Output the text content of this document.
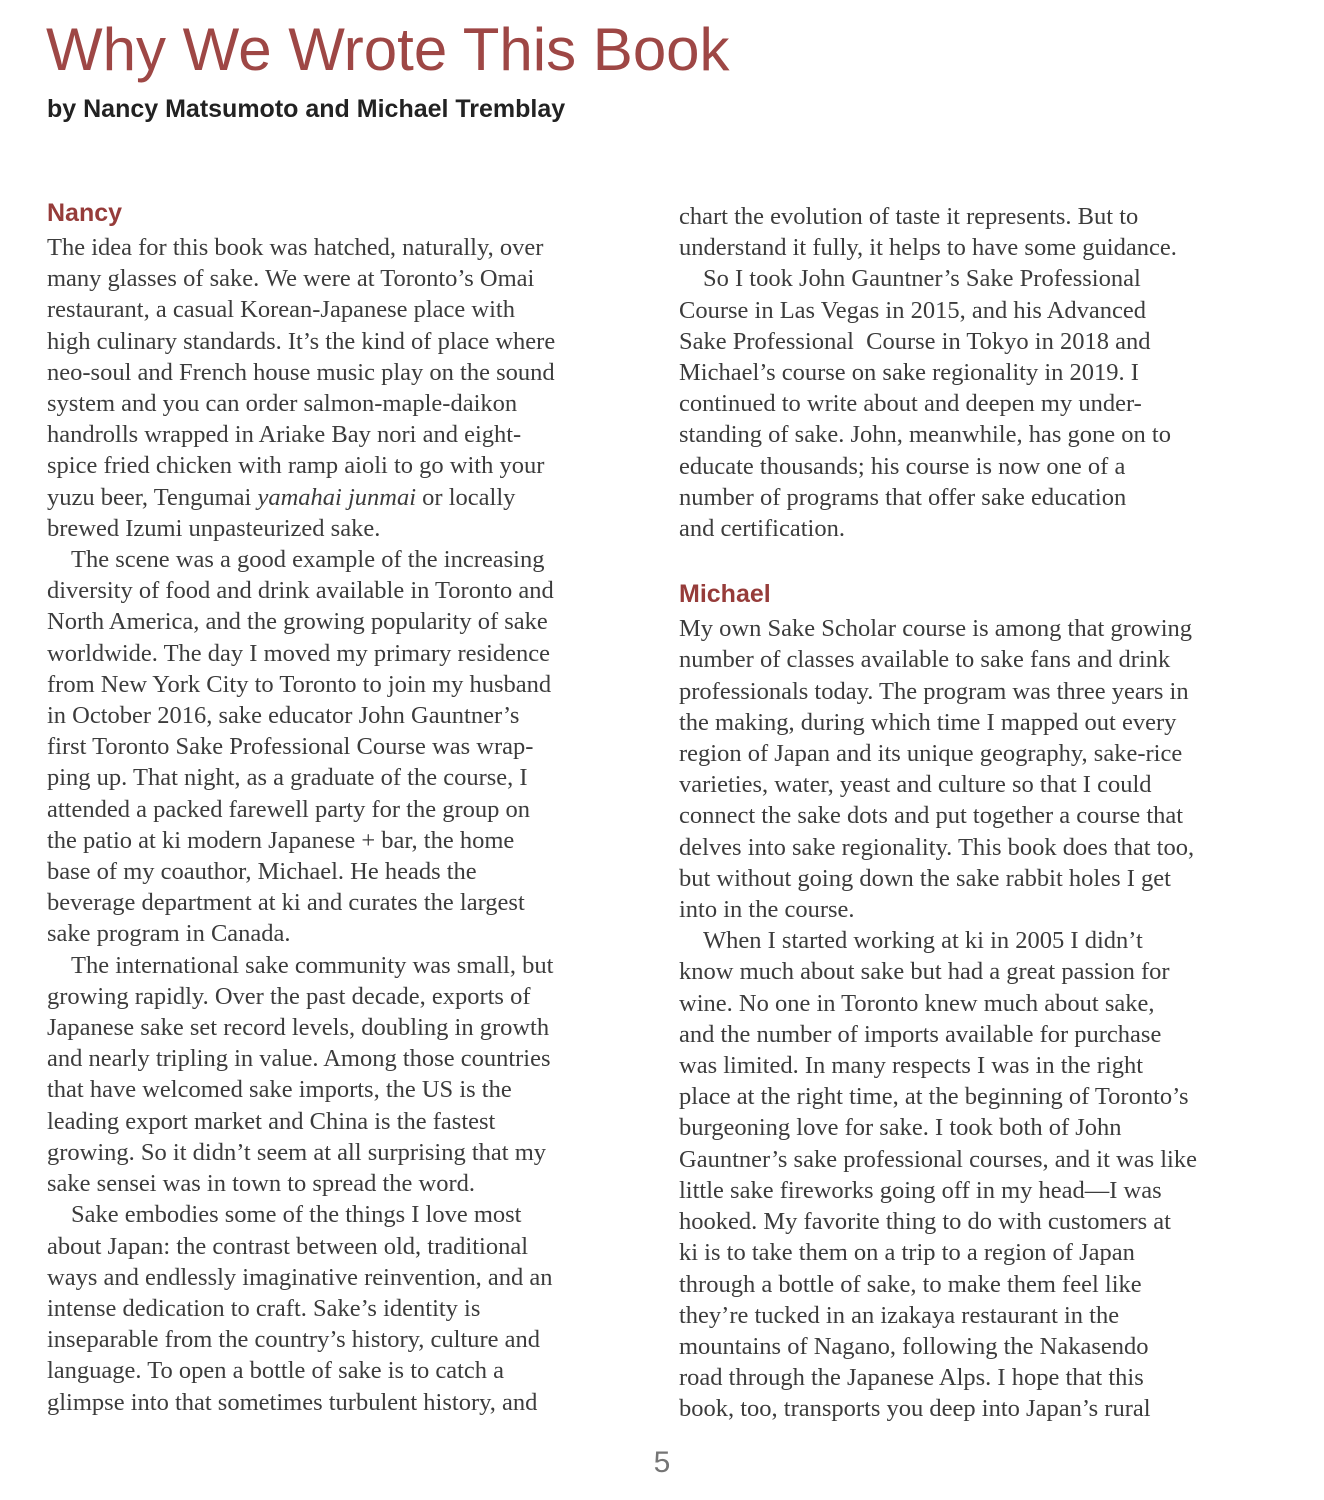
Why We Wrote This Book
by Nancy Matsumoto and Michael Tremblay
Nancy
The idea for this book was hatched, naturally, over
many glasses of sake. We were at Toronto’s Omai
restaurant, a casual Korean-Japanese place with
high culinary standards. It’s the kind of place where
neo-soul and French house music play on the sound
system and you can order salmon-maple-daikon
handrolls wrapped in Ariake Bay nori and eight-
spice fried chicken with ramp aioli to go with your
yuzu beer, Tengumai yamahai junmai or locally
brewed Izumi unpasteurized sake.
The scene was a good example of the increasing
diversity of food and drink available in Toronto and
North America, and the growing popularity of sake
worldwide. The day I moved my primary residence
from New York City to Toronto to join my husband
in October 2016, sake educator John Gauntner’s
first Toronto Sake Professional Course was wrap-
ping up. That night, as a graduate of the course, I
attended a packed farewell party for the group on
the patio at ki modern Japanese + bar, the home
base of my coauthor, Michael. He heads the
beverage department at ki and curates the largest
sake program in Canada.
The international sake community was small, but
growing rapidly. Over the past decade, exports of
Japanese sake set record levels, doubling in growth
and nearly tripling in value. Among those countries
that have welcomed sake imports, the US is the
leading export market and China is the fastest
growing. So it didn’t seem at all surprising that my
sake sensei was in town to spread the word.
Sake embodies some of the things I love most
about Japan: the contrast between old, traditional
ways and endlessly imaginative reinvention, and an
intense dedication to craft. Sake’s identity is
inseparable from the country’s history, culture and
language. To open a bottle of sake is to catch a
glimpse into that sometimes turbulent history, and
chart the evolution of taste it represents. But to
understand it fully, it helps to have some guidance.
So I took John Gauntner’s Sake Professional
Course in Las Vegas in 2015, and his Advanced
Sake Professional  Course in Tokyo in 2018 and
Michael’s course on sake regionality in 2019. I
continued to write about and deepen my under-
standing of sake. John, meanwhile, has gone on to
educate thousands; his course is now one of a
number of programs that offer sake education
and certification.
Michael
My own Sake Scholar course is among that growing
number of classes available to sake fans and drink
professionals today. The program was three years in
the making, during which time I mapped out every
region of Japan and its unique geography, sake-rice
varieties, water, yeast and culture so that I could
connect the sake dots and put together a course that
delves into sake regionality. This book does that too,
but without going down the sake rabbit holes I get
into in the course.
When I started working at ki in 2005 I didn’t
know much about sake but had a great passion for
wine. No one in Toronto knew much about sake,
and the number of imports available for purchase
was limited. In many respects I was in the right
place at the right time, at the beginning of Toronto’s
burgeoning love for sake. I took both of John
Gauntner’s sake professional courses, and it was like
little sake fireworks going off in my head—I was
hooked. My favorite thing to do with customers at
ki is to take them on a trip to a region of Japan
through a bottle of sake, to make them feel like
they’re tucked in an izakaya restaurant in the
mountains of Nagano, following the Nakasendo
road through the Japanese Alps. I hope that this
book, too, transports you deep into Japan’s rural
5
